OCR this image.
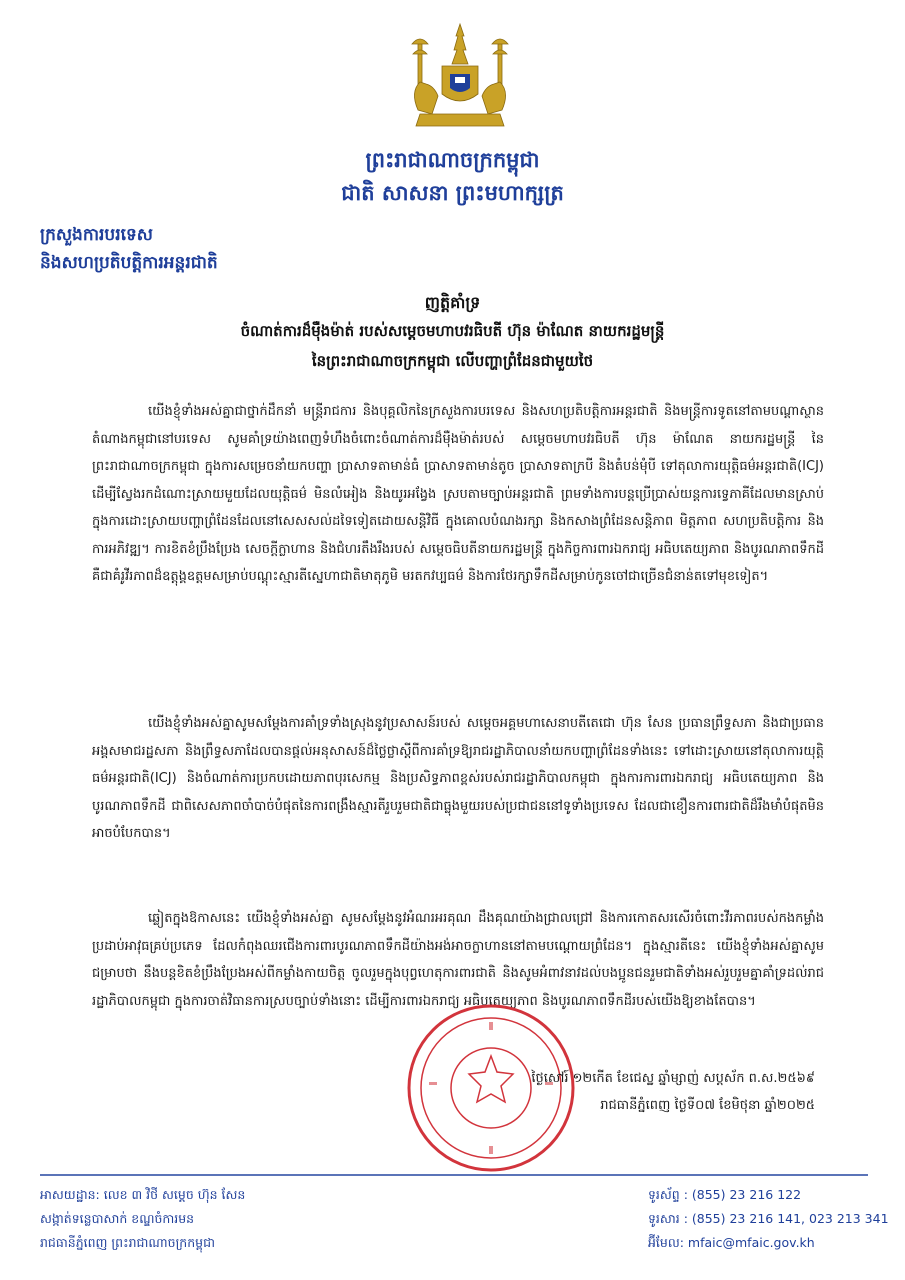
ព្រះរាជាណាចក្រកម្ពុជា
ជាតិ សាសនា ព្រះមហាក្សត្រ
ក្រសួងការបរទេស
និងសហប្រតិបត្តិការអន្តរជាតិ
ញត្តិគាំទ្រ
ចំណាត់ការដ៏មុឺងម៉ាត់ របស់សម្តេចមហាបវរធិបតី ហ៊ុន ម៉ាណែត នាយករដ្ឋមន្ត្រី
នៃព្រះរាជាណាចក្រកម្ពុជា លើបញ្ហាព្រំដែនជាមួយថៃ
យើងខ្ញុំទាំងអស់គ្នាជាថ្នាក់ដឹកនាំ មន្ត្រីរាជការ និងបុគ្គលិកនៃក្រសួងការបរទេស និងសហប្រតិបត្តិការអន្តរជាតិ និងមន្ត្រីការទូតនៅតាមបណ្តាស្ថានតំណាងកម្ពុជានៅបរទេស សូមគាំទ្រយ៉ាងពេញទំហឹងចំពោះចំណាត់ការដ៏មុឺងម៉ាត់របស់ សម្តេចមហាបវរធិបតី ហ៊ុន ម៉ាណែត នាយករដ្ឋមន្ត្រី នៃព្រះរាជាណាចក្រកម្ពុជា ក្នុងការសម្រេចនាំយកបញ្ហា ប្រាសាទតាមាន់ធំ ប្រាសាទតាមាន់តូច ប្រាសាទតាក្របី និងតំបន់មុំបី ទៅតុលាការយុត្តិធម៌អន្តរជាតិ(ICJ) ដើម្បីស្វែងរកដំណោះស្រាយមួយដែលយុត្តិធម៌ មិនលំអៀង និងយូរអង្វែង ស្របតាមច្បាប់អន្តរជាតិ ព្រមទាំងការបន្តប្រើប្រាស់យន្តការទ្វេភាគីដែលមានស្រាប់ក្នុងការដោះស្រាយបញ្ហាព្រំដែនដែលនៅសេសសល់ដទៃទៀតដោយសន្តិវិធី ក្នុងគោលបំណងរក្សា និងកសាងព្រំដែនសន្តិភាព មិត្តភាព សហប្រតិបត្តិការ និងការអភិវឌ្ឍ។ ការខិតខំប្រឹងប្រែង សេចក្តីក្លាហាន និងជំហរតឹងរឹងរបស់ សម្តេចធិបតីនាយករដ្ឋមន្ត្រី ក្នុងកិច្ចការពារឯករាជ្យ អធិបតេយ្យភាព និងបូរណភាពទឹកដី គឺជាគំរូវីរភាពដ៏ឧត្តុង្គឧត្តមសម្រាប់បណ្តុះស្មារតីស្នេហាជាតិមាតុភូមិ មរតកវប្បធម៌ និងការថែរក្សាទឹកដីសម្រាប់កូនចៅជាច្រើនជំនាន់តទៅមុខទៀត។
យើងខ្ញុំទាំងអស់គ្នាសូមសម្តែងការគាំទ្រទាំងស្រុងនូវប្រសាសន៍របស់ សម្តេចអគ្គមហាសេនាបតីតេជោ ហ៊ុន សែន ប្រធានព្រឹទ្ធសភា និងជាប្រធាន អង្គសមាជរដ្ឋសភា និងព្រឹទ្ធសភាដែលបានផ្តល់អនុសាសន៍ដ៏ថ្លៃថ្លាស្តីពីការគាំទ្រឱ្យរាជរដ្ឋាភិបាលនាំយកបញ្ហាព្រំដែនទាំងនេះ ទៅដោះស្រាយនៅតុលាការយុត្តិធម៌អន្តរជាតិ(ICJ) និងចំណាត់ការប្រកបដោយភាពបុរសេកម្ម និងប្រសិទ្ធភាពខ្ពស់របស់រាជរដ្ឋាភិបាលកម្ពុជា ក្នុងការការពារឯករាជ្យ អធិបតេយ្យភាព និងបូរណភាពទឹកដី ជាពិសេសភាពចាំបាច់បំផុតនៃការពង្រឹងស្មារតីរួបរួមជាតិជាធ្លុងមួយរបស់ប្រជាជននៅទូទាំងប្រទេស ដែលជាខឿនការពារជាតិដ៏រឹងមាំបំផុតមិនអាចបំបែកបាន។
ឆ្លៀតក្នុងឱកាសនេះ យើងខ្ញុំទាំងអស់គ្នា សូមសម្តែងនូវអំណរអរគុណ ដឹងគុណយ៉ាងជ្រាលជ្រៅ និងការកោតសរសើរចំពោះវីរភាពរបស់កងកម្លាំងប្រដាប់អាវុធគ្រប់ប្រភេទ ដែលកំពុងឈរជើងការពារបូរណភាពទឹកដីយ៉ាងអង់អាចក្លាហាននៅតាមបណ្តោយព្រំដែន។ ក្នុងស្មារតីនេះ យើងខ្ញុំទាំងអស់គ្នាសូមជម្រាបថា នឹងបន្តខិតខំប្រឹងប្រែងអស់ពីកម្លាំងកាយចិត្ត ចូលរួមក្នុងបុព្វហេតុការពារជាតិ និងសូមអំពាវនាវដល់បងប្អូនជនរួមជាតិទាំងអស់រួបរួមគ្នាគាំទ្រដល់រាជរដ្ឋាភិបាលកម្ពុជា ក្នុងការចាត់វិធានការស្របច្បាប់ទាំងនោះ ដើម្បីការពារឯករាជ្យ អធិបតេយ្យភាព និងបូរណភាពទឹកដីរបស់យើងឱ្យខាងតែបាន។
ថ្ងៃសៅរ៍ ១២កើត ខែជេស្ឋ ឆ្នាំម្សាញ់ សប្តស័ក ព.ស.២៥៦៩
រាជធានីភ្នំពេញ ថ្ងៃទី០៧ ខែមិថុនា ឆ្នាំ២០២៥
អាសយដ្ឋាន: លេខ ៣ វិថី សម្តេច ហ៊ុន សែន
សង្កាត់ទន្លេបាសាក់ ខណ្ឌចំការមន
រាជធានីភ្នំពេញ ព្រះរាជាណាចក្រកម្ពុជា
ទូរស័ព្ទ : (855) 23 216 122
ទូរសារ : (855) 23 216 141, 023 213 341
អ៊ីមែល: mfaic@mfaic.gov.kh
